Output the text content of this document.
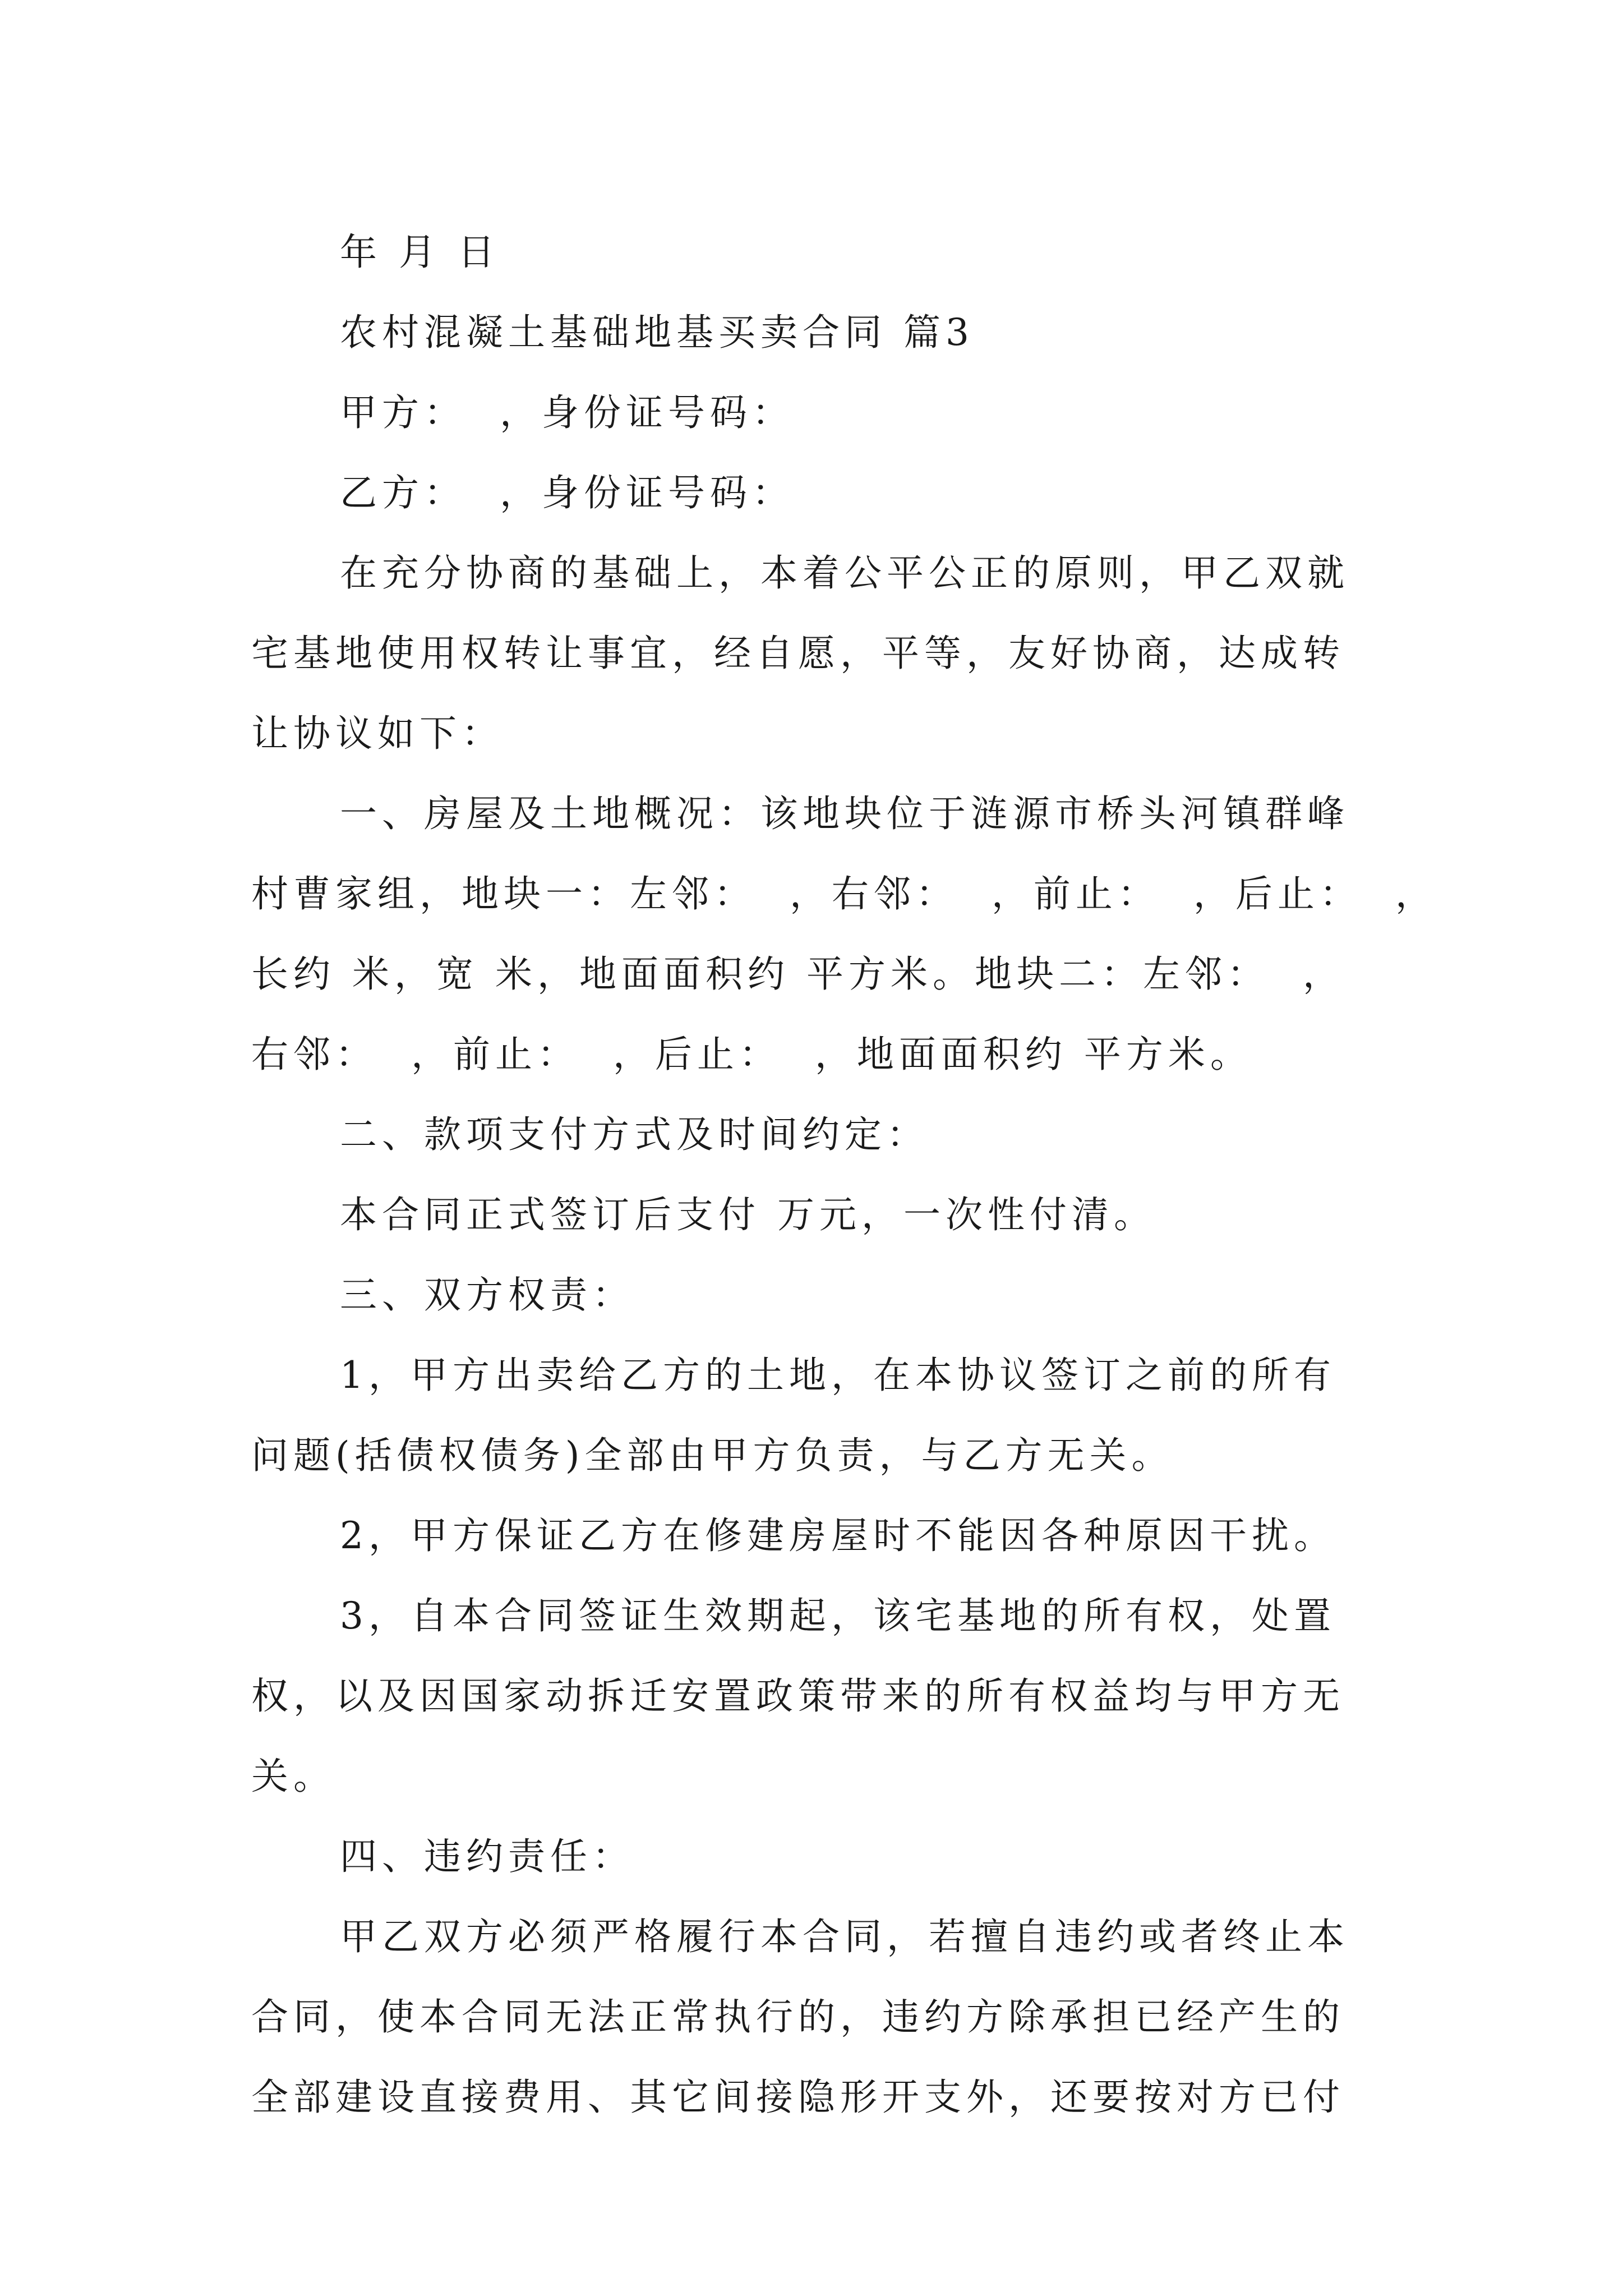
年 月 日
农村混凝土基础地基买卖合同 篇3
甲方：  ，身份证号码：
乙方：  ，身份证号码：
在充分协商的基础上，本着公平公正的原则，甲乙双就
宅基地使用权转让事宜，经自愿，平等，友好协商，达成转
让协议如下：
一、房屋及土地概况：该地块位于涟源市桥头河镇群峰
村曹家组，地块一：左邻：  ，右邻：  ，前止：  ，后止：  ，
长约 米，宽 米，地面面积约 平方米。地块二：左邻：  ，
右邻：  ，前止：  ，后止：  ，地面面积约 平方米。
二、款项支付方式及时间约定：
本合同正式签订后支付 万元，一次性付清。
三、双方权责：
1，甲方出卖给乙方的土地，在本协议签订之前的所有
问题(括债权债务)全部由甲方负责，与乙方无关。
2，甲方保证乙方在修建房屋时不能因各种原因干扰。
3，自本合同签证生效期起，该宅基地的所有权，处置
权，以及因国家动拆迁安置政策带来的所有权益均与甲方无
关。
四、违约责任：
甲乙双方必须严格履行本合同，若擅自违约或者终止本
合同，使本合同无法正常执行的，违约方除承担已经产生的
全部建设直接费用、其它间接隐形开支外，还要按对方已付
